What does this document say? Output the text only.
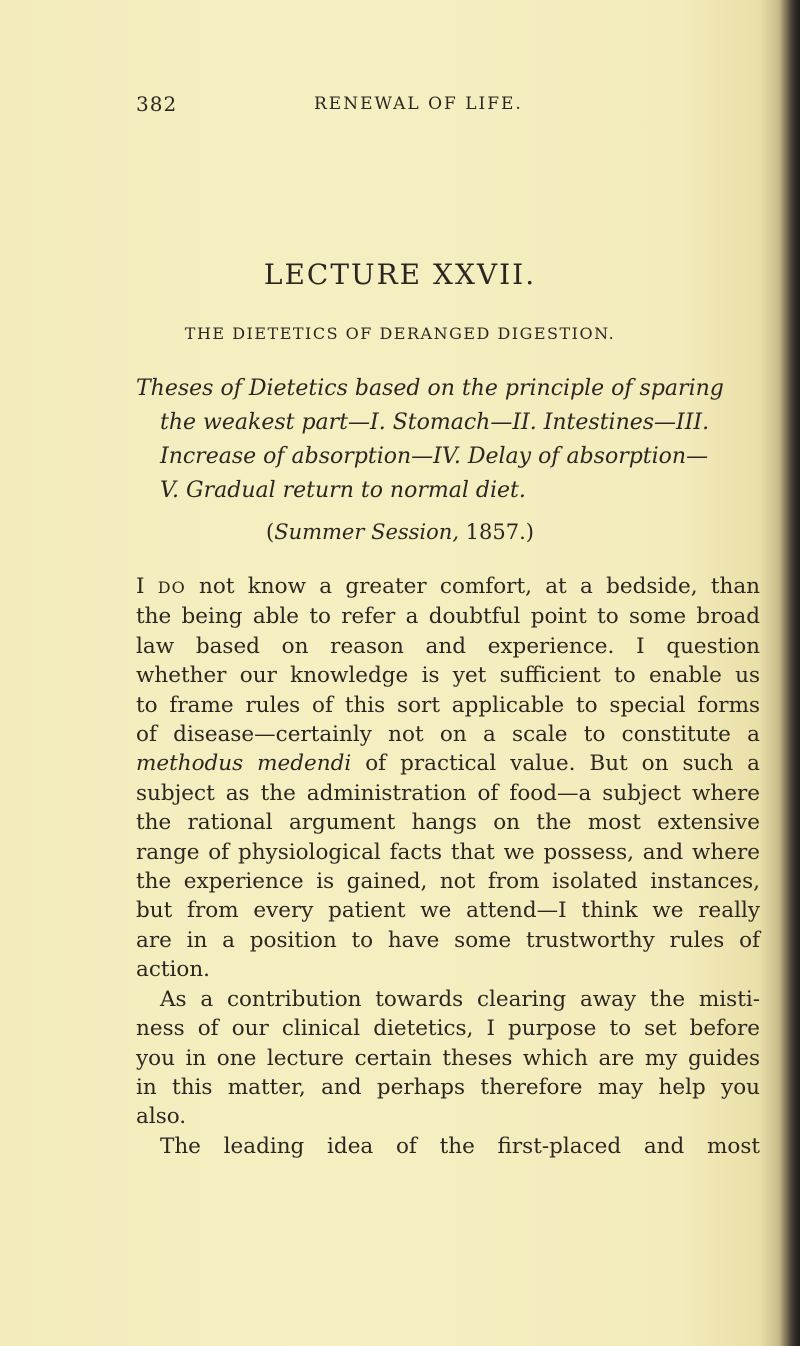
382	RENEWAL OF LIFE.
LECTURE XXVII.
THE DIETETICS OF DERANGED DIGESTION.
Theses of Dietetics based on the principle of sparing
the weakest part—I. Stomach—II. Intestines—III.
Increase of absorption—IV. Delay of absorption—
V. Gradual return to normal diet.
(Summer Session, 1857.)
I DO not know a greater comfort, at a bedside, than
the being able to refer a doubtful point to some broad
law based on reason and experience. I question
whether our knowledge is yet sufficient to enable us
to frame rules of this sort applicable to special forms
of disease—certainly not on a scale to constitute a
methodus medendi of practical value. But on such a
subject as the administration of food—a subject where
the rational argument hangs on the most extensive
range of physiological facts that we possess, and where
the experience is gained, not from isolated instances,
but from every patient we attend—I think we really
are in a position to have some trustworthy rules of
action.
As a contribution towards clearing away the misti-
ness of our clinical dietetics, I purpose to set before
you in one lecture certain theses which are my guides
in this matter, and perhaps therefore may help you
also.
The leading idea of the first-placed and most
